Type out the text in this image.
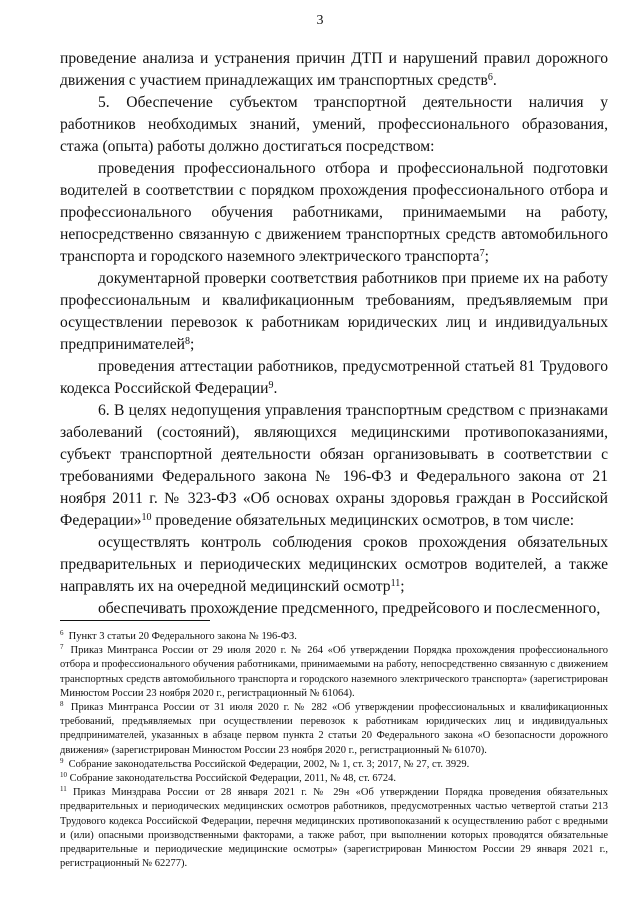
3

проведение анализа и устранения причин ДТП и нарушений правил дорожного движения с участием принадлежащих им транспортных средств$^6$.

5. Обеспечение субъектом транспортной деятельности наличия у работников необходимых знаний, умений, профессионального образования, стажа (опыта) работы должно достигаться посредством:

проведения профессионального отбора и профессиональной подготовки водителей в соответствии с порядком прохождения профессионального отбора и профессионального обучения работниками, принимаемыми на работу, непосредственно связанную с движением транспортных средств автомобильного транспорта и городского наземного электрического транспорта$^7$;

документарной проверки соответствия работников при приеме их на работу профессиональным и квалификационным требованиям, предъявляемым при осуществлении перевозок к работникам юридических лиц и индивидуальных предпринимателей$^8$;

проведения аттестации работников, предусмотренной статьей 81 Трудового кодекса Российской Федерации$^9$.

6. В целях недопущения управления транспортным средством с признаками заболеваний (состояний), являющихся медицинскими противопоказаниями, субъект транспортной деятельности обязан организовывать в соответствии с требованиями Федерального закона № 196-ФЗ и Федерального закона от 21 ноября 2011 г. № 323-ФЗ «Об основах охраны здоровья граждан в Российской Федерации»$^{10}$ проведение обязательных медицинских осмотров, в том числе:

осуществлять контроль соблюдения сроков прохождения обязательных предварительных и периодических медицинских осмотров водителей, а также направлять их на очередной медицинский осмотр$^{11}$;

обеспечивать прохождение предсменного, предрейсового и послесменного,

$^6$ Пункт 3 статьи 20 Федерального закона № 196-ФЗ.

$^7$ Приказ Минтранса России от 29 июля 2020 г. № 264 «Об утверждении Порядка прохождения профессионального отбора и профессионального обучения работниками, принимаемыми на работу, непосредственно связанную с движением транспортных средств автомобильного транспорта и городского наземного электрического транспорта» (зарегистрирован Минюстом России 23 ноября 2020 г., регистрационный № 61064).

$^8$ Приказ Минтранса России от 31 июля 2020 г. № 282 «Об утверждении профессиональных и квалификационных требований, предъявляемых при осуществлении перевозок к работникам юридических лиц и индивидуальных предпринимателей, указанных в абзаце первом пункта 2 статьи 20 Федерального закона «О безопасности дорожного движения» (зарегистрирован Минюстом России 23 ноября 2020 г., регистрационный № 61070).

$^9$ Собрание законодательства Российской Федерации, 2002, № 1, ст. 3; 2017, № 27, ст. 3929.

$^{10}$ Собрание законодательства Российской Федерации, 2011, № 48, ст. 6724.

$^{11}$ Приказ Минздрава России от 28 января 2021 г. № 29н «Об утверждении Порядка проведения обязательных предварительных и периодических медицинских осмотров работников, предусмотренных частью четвертой статьи 213 Трудового кодекса Российской Федерации, перечня медицинских противопоказаний к осуществлению работ с вредными и (или) опасными производственными факторами, а также работ, при выполнении которых проводятся обязательные предварительные и периодические медицинские осмотры» (зарегистрирован Минюстом России 29 января 2021 г., регистрационный № 62277).
